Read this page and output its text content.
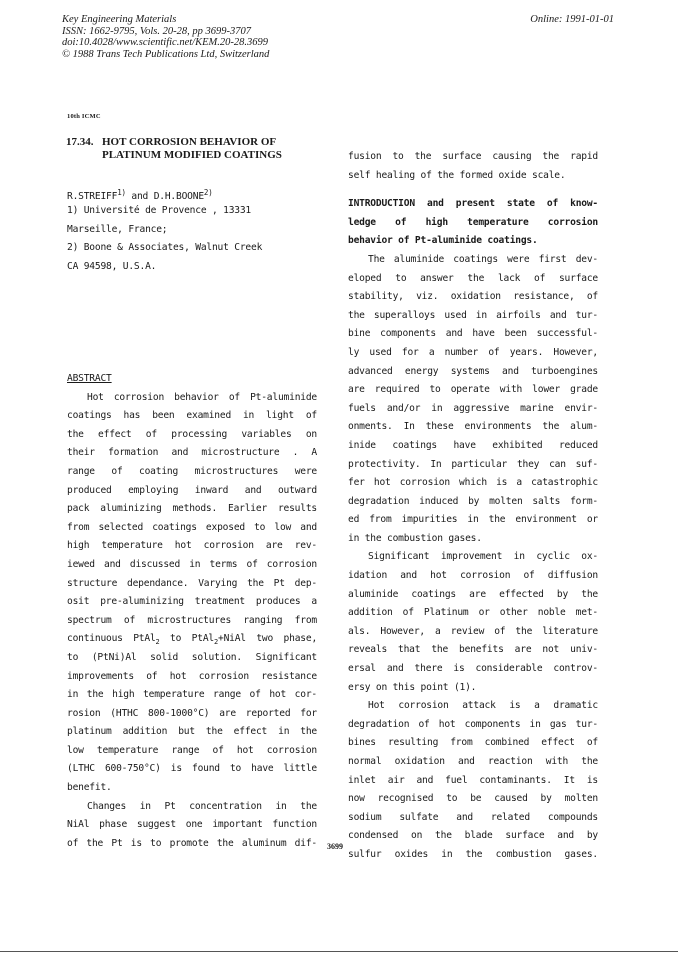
Key Engineering Materials
ISSN: 1662-9795, Vols. 20-28, pp 3699-3707
doi:10.4028/www.scientific.net/KEM.20-28.3699
© 1988 Trans Tech Publications Ltd, Switzerland
Online: 1991-01-01
10th ICMC
17.34. HOT CORROSION BEHAVIOR OF
PLATINUM MODIFIED COATINGS
R.STREIFF$^{1)}$ and D.H.BOONE$^{2)}$
1) Université de Provence , 13331
Marseille, France;
2) Boone & Associates, Walnut Creek
CA 94598, U.S.A.
ABSTRACT
Hot corrosion behavior of Pt-aluminide
coatings has been examined in light of
the effect of processing variables on
their formation and microstructure . A
range of coating microstructures were
produced employing inward and outward
pack aluminizing methods. Earlier results
from selected coatings exposed to low and
high temperature hot corrosion are rev-
iewed and discussed in terms of corrosion
structure dependance. Varying the Pt dep-
osit pre-aluminizing treatment produces a
spectrum of microstructures ranging from
continuous PtAl$_2$ to PtAl$_2$+NiAl two phase,
to (PtNi)Al solid solution. Significant
improvements of hot corrosion resistance
in the high temperature range of hot cor-
rosion (HTHC 800-1000°C) are reported for
platinum addition but the effect in the
low temperature range of hot corrosion
(LTHC 600-750°C) is found to have little
benefit.
Changes in Pt concentration in the
NiAl phase suggest one important function
of the Pt is to promote the aluminum dif-
fusion to the surface causing the rapid
self healing of the formed oxide scale.
INTRODUCTION and present state of know-
ledge of high temperature corrosion
behavior of Pt-aluminide coatings.
The aluminide coatings were first dev-
eloped to answer the lack of surface
stability, viz. oxidation resistance, of
the superalloys used in airfoils and tur-
bine components and have been successful-
ly used for a number of years. However,
advanced energy systems and turboengines
are required to operate with lower grade
fuels and/or in aggressive marine envir-
onments. In these environments the alum-
inide coatings have exhibited reduced
protectivity. In particular they can suf-
fer hot corrosion which is a catastrophic
degradation induced by molten salts form-
ed from impurities in the environment or
in the combustion gases.
Significant improvement in cyclic ox-
idation and hot corrosion of diffusion
aluminide coatings are effected by the
addition of Platinum or other noble met-
als. However, a review of the literature
reveals that the benefits are not univ-
ersal and there is considerable controv-
ersy on this point (1).
Hot corrosion attack is a dramatic
degradation of hot components in gas tur-
bines resulting from combined effect of
normal oxidation and reaction with the
inlet air and fuel contaminants. It is
now recognised to be caused by molten
sodium sulfate and related compounds
condensed on the blade surface and by
sulfur oxides in the combustion gases.
3699
